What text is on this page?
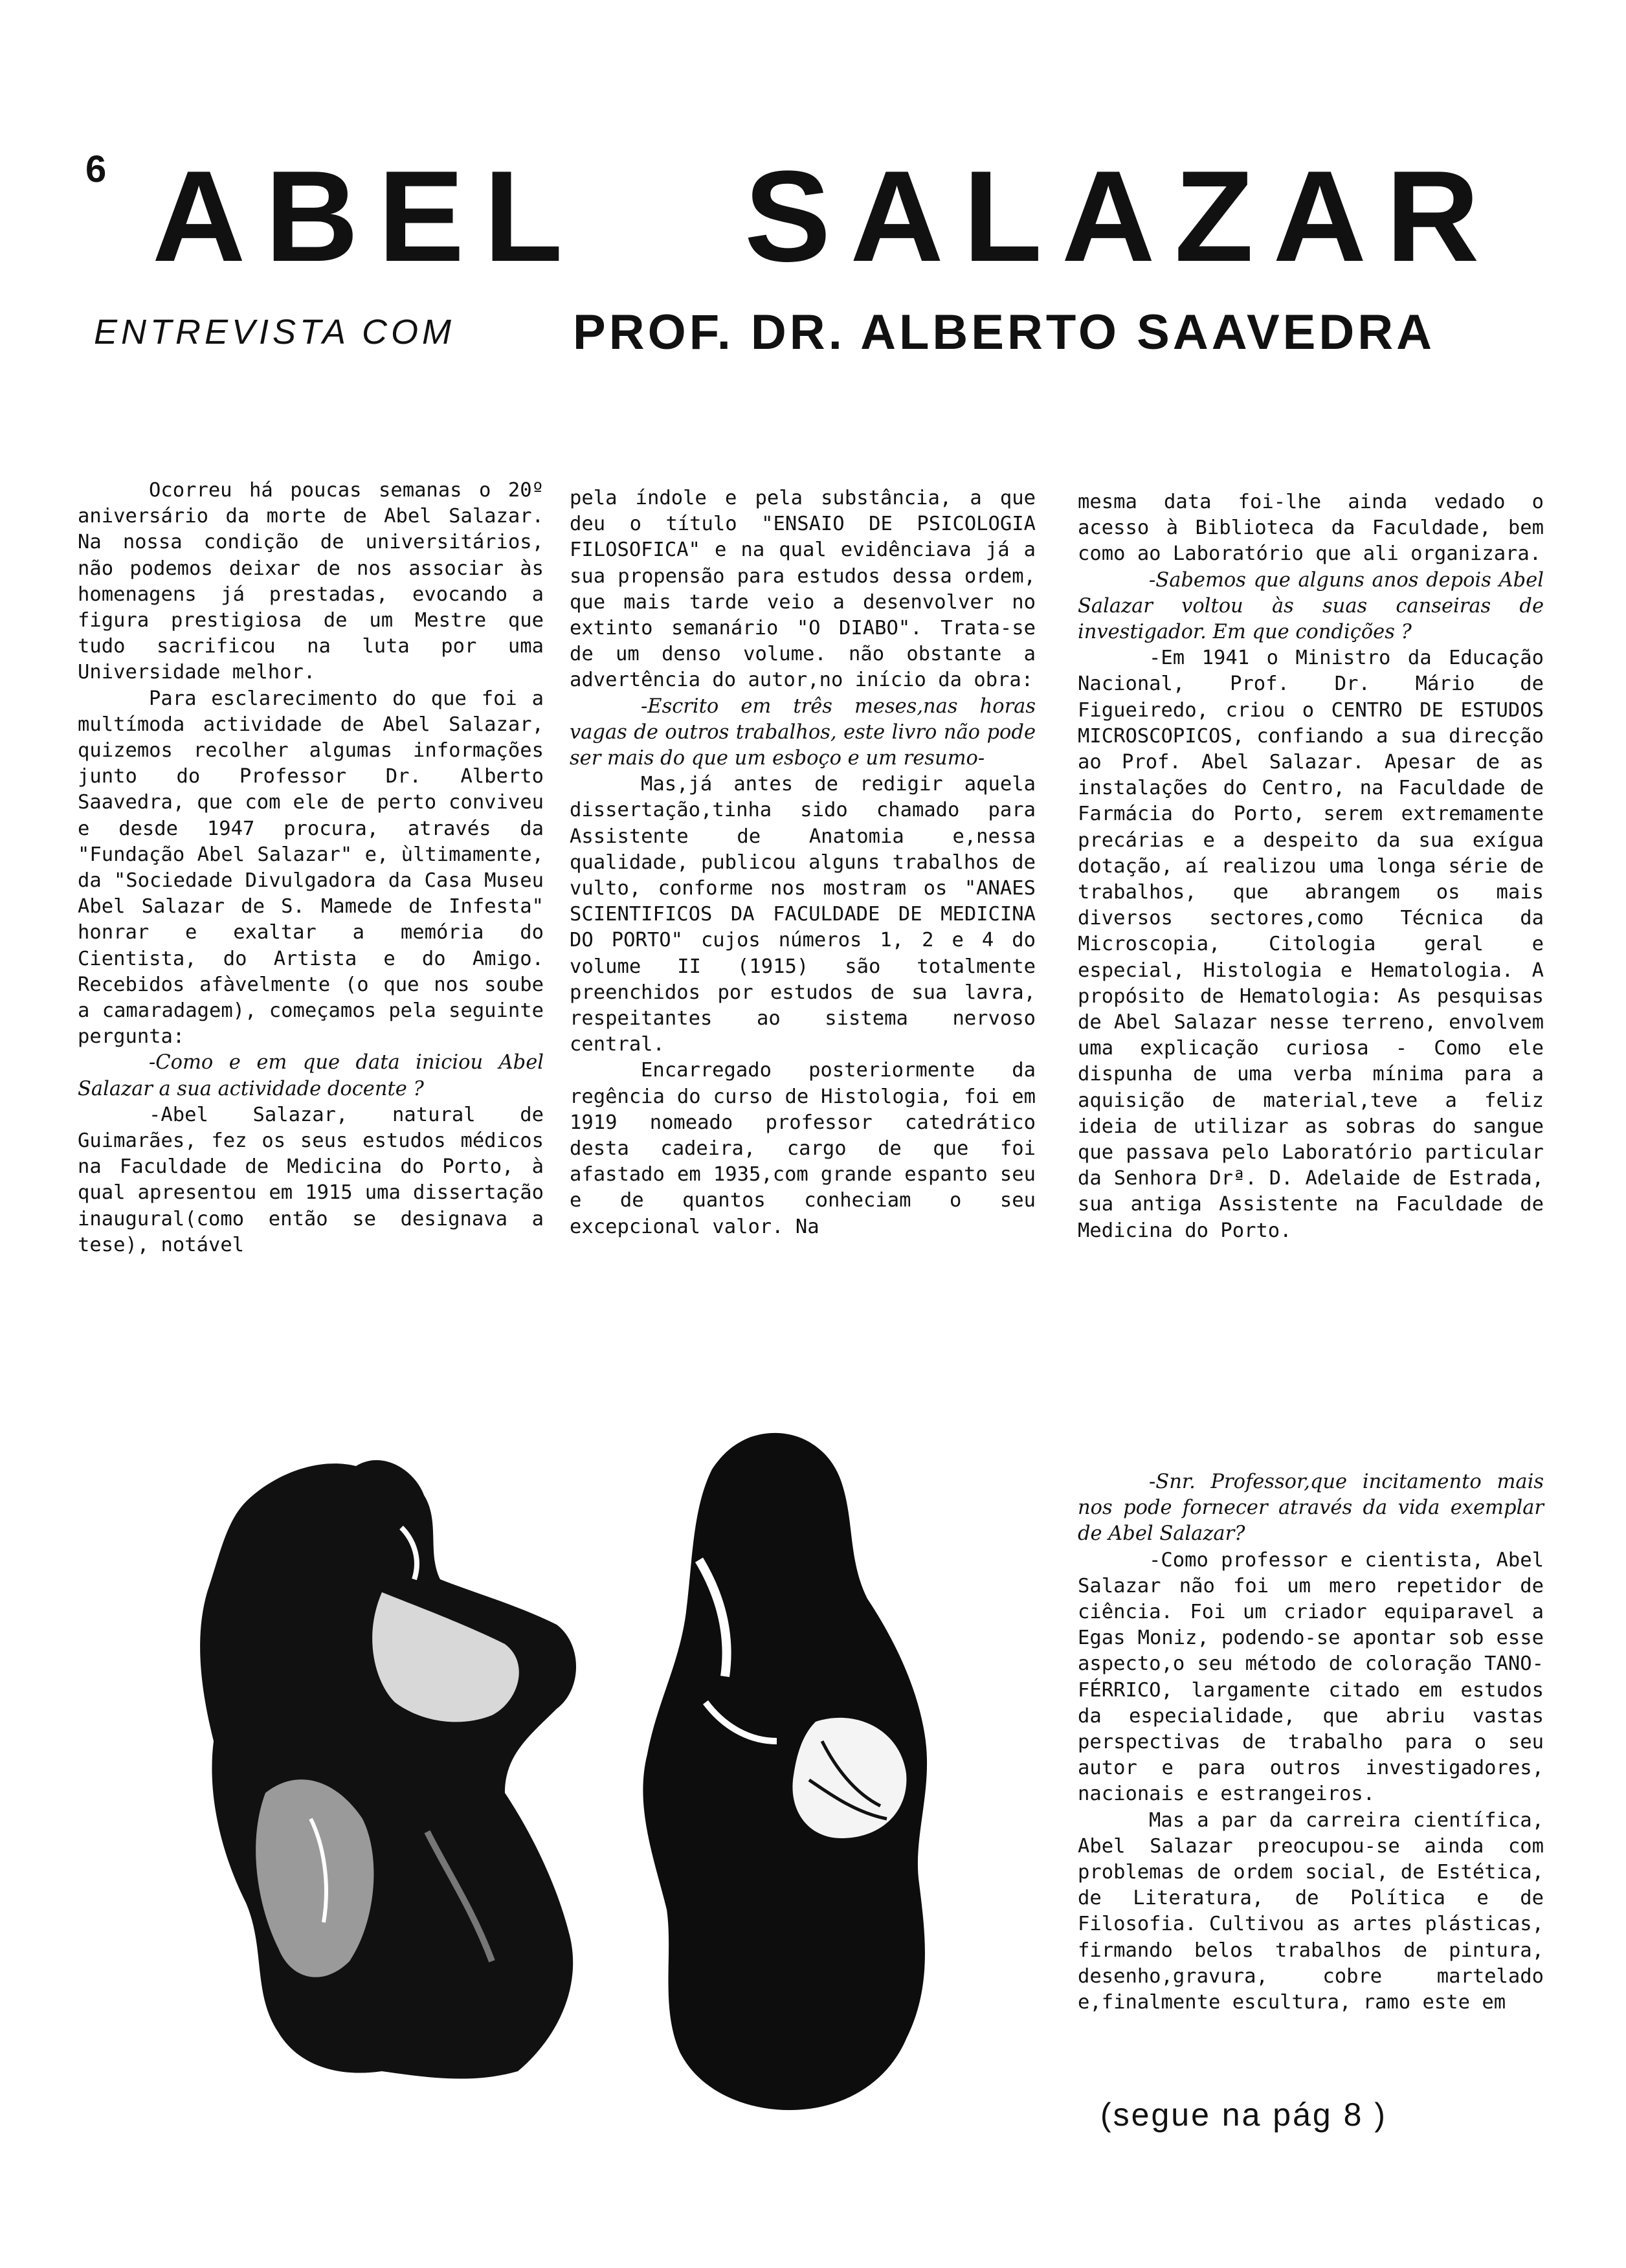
6 ABEL SALAZAR
ENTREVISTA COM PROF. DR. ALBERTO SAAVEDRA

Ocorreu há poucas semanas o 20º aniversário da morte de Abel Salazar. Na nossa condição de universitários, não podemos deixar de nos associar às homenagens já prestadas, evocando a figura prestigiosa de um Mestre que tudo sacrificou na luta por uma Universidade melhor.

Para esclarecimento do que foi a multímoda actividade de Abel Salazar, quizemos recolher algumas informações junto do Professor Dr. Alberto Saavedra, que com ele de perto conviveu e desde 1947 procura, através da "Fundação Abel Salazar" e, ùltimamente, da "Sociedade Divulgadora da Casa Museu Abel Salazar de S. Mamede de Infesta" honrar e exaltar a memória do Cientista, do Artista e do Amigo. Recebidos afàvelmente (o que nos soube a camaradagem), começamos pela seguinte pergunta:

-Como e em que data iniciou Abel Salazar a sua actividade docente ?

-Abel Salazar, natural de Guimarães, fez os seus estudos médicos na Faculdade de Medicina do Porto, à qual apresentou em 1915 uma dissertação inaugural(como então se designava a tese), notável

pela índole e pela substância, a que deu o título "ENSAIO DE PSICOLOGIA FILOSOFICA" e na qual evidênciava já a sua propensão para estudos dessa ordem, que mais tarde veio a desenvolver no extinto semanário "O DIABO". Trata-se de um denso volume. não obstante a advertência do autor,no início da obra:

-Escrito em três meses,nas horas vagas de outros trabalhos, este livro não pode ser mais do que um esboço e um resumo-

Mas,já antes de redigir aquela dissertação,tinha sido chamado para Assistente de Anatomia e,nessa qualidade, publicou alguns trabalhos de vulto, conforme nos mostram os "ANAES SCIENTIFICOS DA FACULDADE DE MEDICINA DO PORTO" cujos números 1, 2 e 4 do volume II (1915) são totalmente preenchidos por estudos de sua lavra, respeitantes ao sistema nervoso central.

Encarregado posteriormente da regência do curso de Histologia, foi em 1919 nomeado professor catedrático desta cadeira, cargo de que foi afastado em 1935,com grande espanto seu e de quantos conheciam o seu excepcional valor. Na

mesma data foi-lhe ainda vedado o acesso à Biblioteca da Faculdade, bem como ao Laboratório que ali organizara.

-Sabemos que alguns anos depois Abel Salazar voltou às suas canseiras de investigador. Em que condições ?

-Em 1941 o Ministro da Educação Nacional, Prof. Dr. Mário de Figueiredo, criou o CENTRO DE ESTUDOS MICROSCOPICOS, confiando a sua direcção ao Prof. Abel Salazar. Apesar de as instalações do Centro, na Faculdade de Farmácia do Porto, serem extremamente precárias e a despeito da sua exígua dotação, aí realizou uma longa série de trabalhos, que abrangem os mais diversos sectores,como Técnica da Microscopia, Citologia geral e especial, Histologia e Hematologia. A propósito de Hematologia: As pesquisas de Abel Salazar nesse terreno, envolvem uma explicação curiosa - Como ele dispunha de uma verba mínima para a aquisição de material,teve a feliz ideia de utilizar as sobras do sangue que passava pelo Laboratório particular da Senhora Drª. D. Adelaide de Estrada, sua antiga Assistente na Faculdade de Medicina do Porto.

-Snr. Professor,que incitamento mais nos pode fornecer através da vida exemplar de Abel Salazar?

-Como professor e cientista, Abel Salazar não foi um mero repetidor de ciência. Foi um criador equiparavel a Egas Moniz, podendo-se apontar sob esse aspecto,o seu método de coloração TANO-FÉRRICO, largamente citado em estudos da especialidade, que abriu vastas perspectivas de trabalho para o seu autor e para outros investigadores, nacionais e estrangeiros.

Mas a par da carreira científica, Abel Salazar preocupou-se ainda com problemas de ordem social, de Estética, de Literatura, de Política e de Filosofia. Cultivou as artes plásticas, firmando belos trabalhos de pintura, desenho,gravura, cobre martelado e,finalmente escultura, ramo este em

(segue na pág 8 )
